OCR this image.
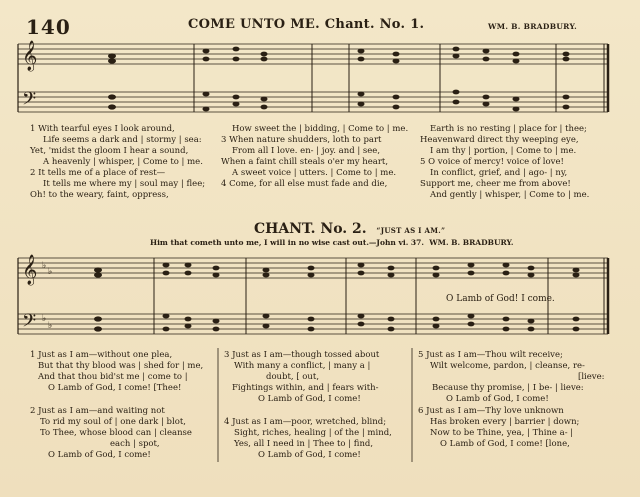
140	COME UNTO ME. Chant. No. 1.	WM. B. BRADBURY.
𝄞
𝄢
1 With tearful eyes I look around,
Life seems a dark and | stormy | sea:
Yet, 'midst the gloom I hear a sound,
A heavenly | whisper, | Come to | me.
2 It tells me of a place of rest—
It tells me where my | soul may | flee;
Oh! to the weary, faint, oppress,
How sweet the | bidding, | Come to | me.
3 When nature shudders, loth to part
From all I love. en- | joy. and | see,
When a faint chill steals o'er my heart,
A sweet voice | utters. | Come to | me.
4 Come, for all else must fade and die,
Earth is no resting | place for | thee;
Heavenward direct thy weeping eye,
I am thy | portion, | Come to | me.
5 O voice of mercy! voice of love!
In conflict, grief, and | ago- | ny,
Support me, cheer me from above!
And gently | whisper, | Come to | me.
CHANT. No. 2. “JUST AS I AM.”
Him that cometh unto me, I will in no wise cast out.—John vi. 37. WM. B. BRADBURY.
𝄞 ♭
♭
𝄢 ♭
♭
O Lamb of God! I come.
1 Just as I am—without one plea,
But that thy blood was | shed for | me,
And that thou bid'st me | come to |
O Lamb of God, I come! [Thee!
3 Just as I am—though tossed about
With many a conflict, | many a |
doubt, [ out,
Fightings within, and | fears with-
O Lamb of God, I come!
5 Just as I am—Thou wilt receive;
Wilt welcome, pardon, | cleanse, re-
[lieve:
Because thy promise, | I be- | lieve:
O Lamb of God, I come!
2 Just as I am—and waiting not
To rid my soul of | one dark | blot,
To Thee, whose blood can | cleanse
each | spot,
O Lamb of God, I come!
4 Just as I am—poor, wretched, blind;
Sight, riches, healing | of the | mind,
Yes, all I need in | Thee to | find,
O Lamb of God, I come!
6 Just as I am—Thy love unknown
Has broken every | barrier | down;
Now to be Thine, yea, | Thine a- |
O Lamb of God, I come! [lone,
